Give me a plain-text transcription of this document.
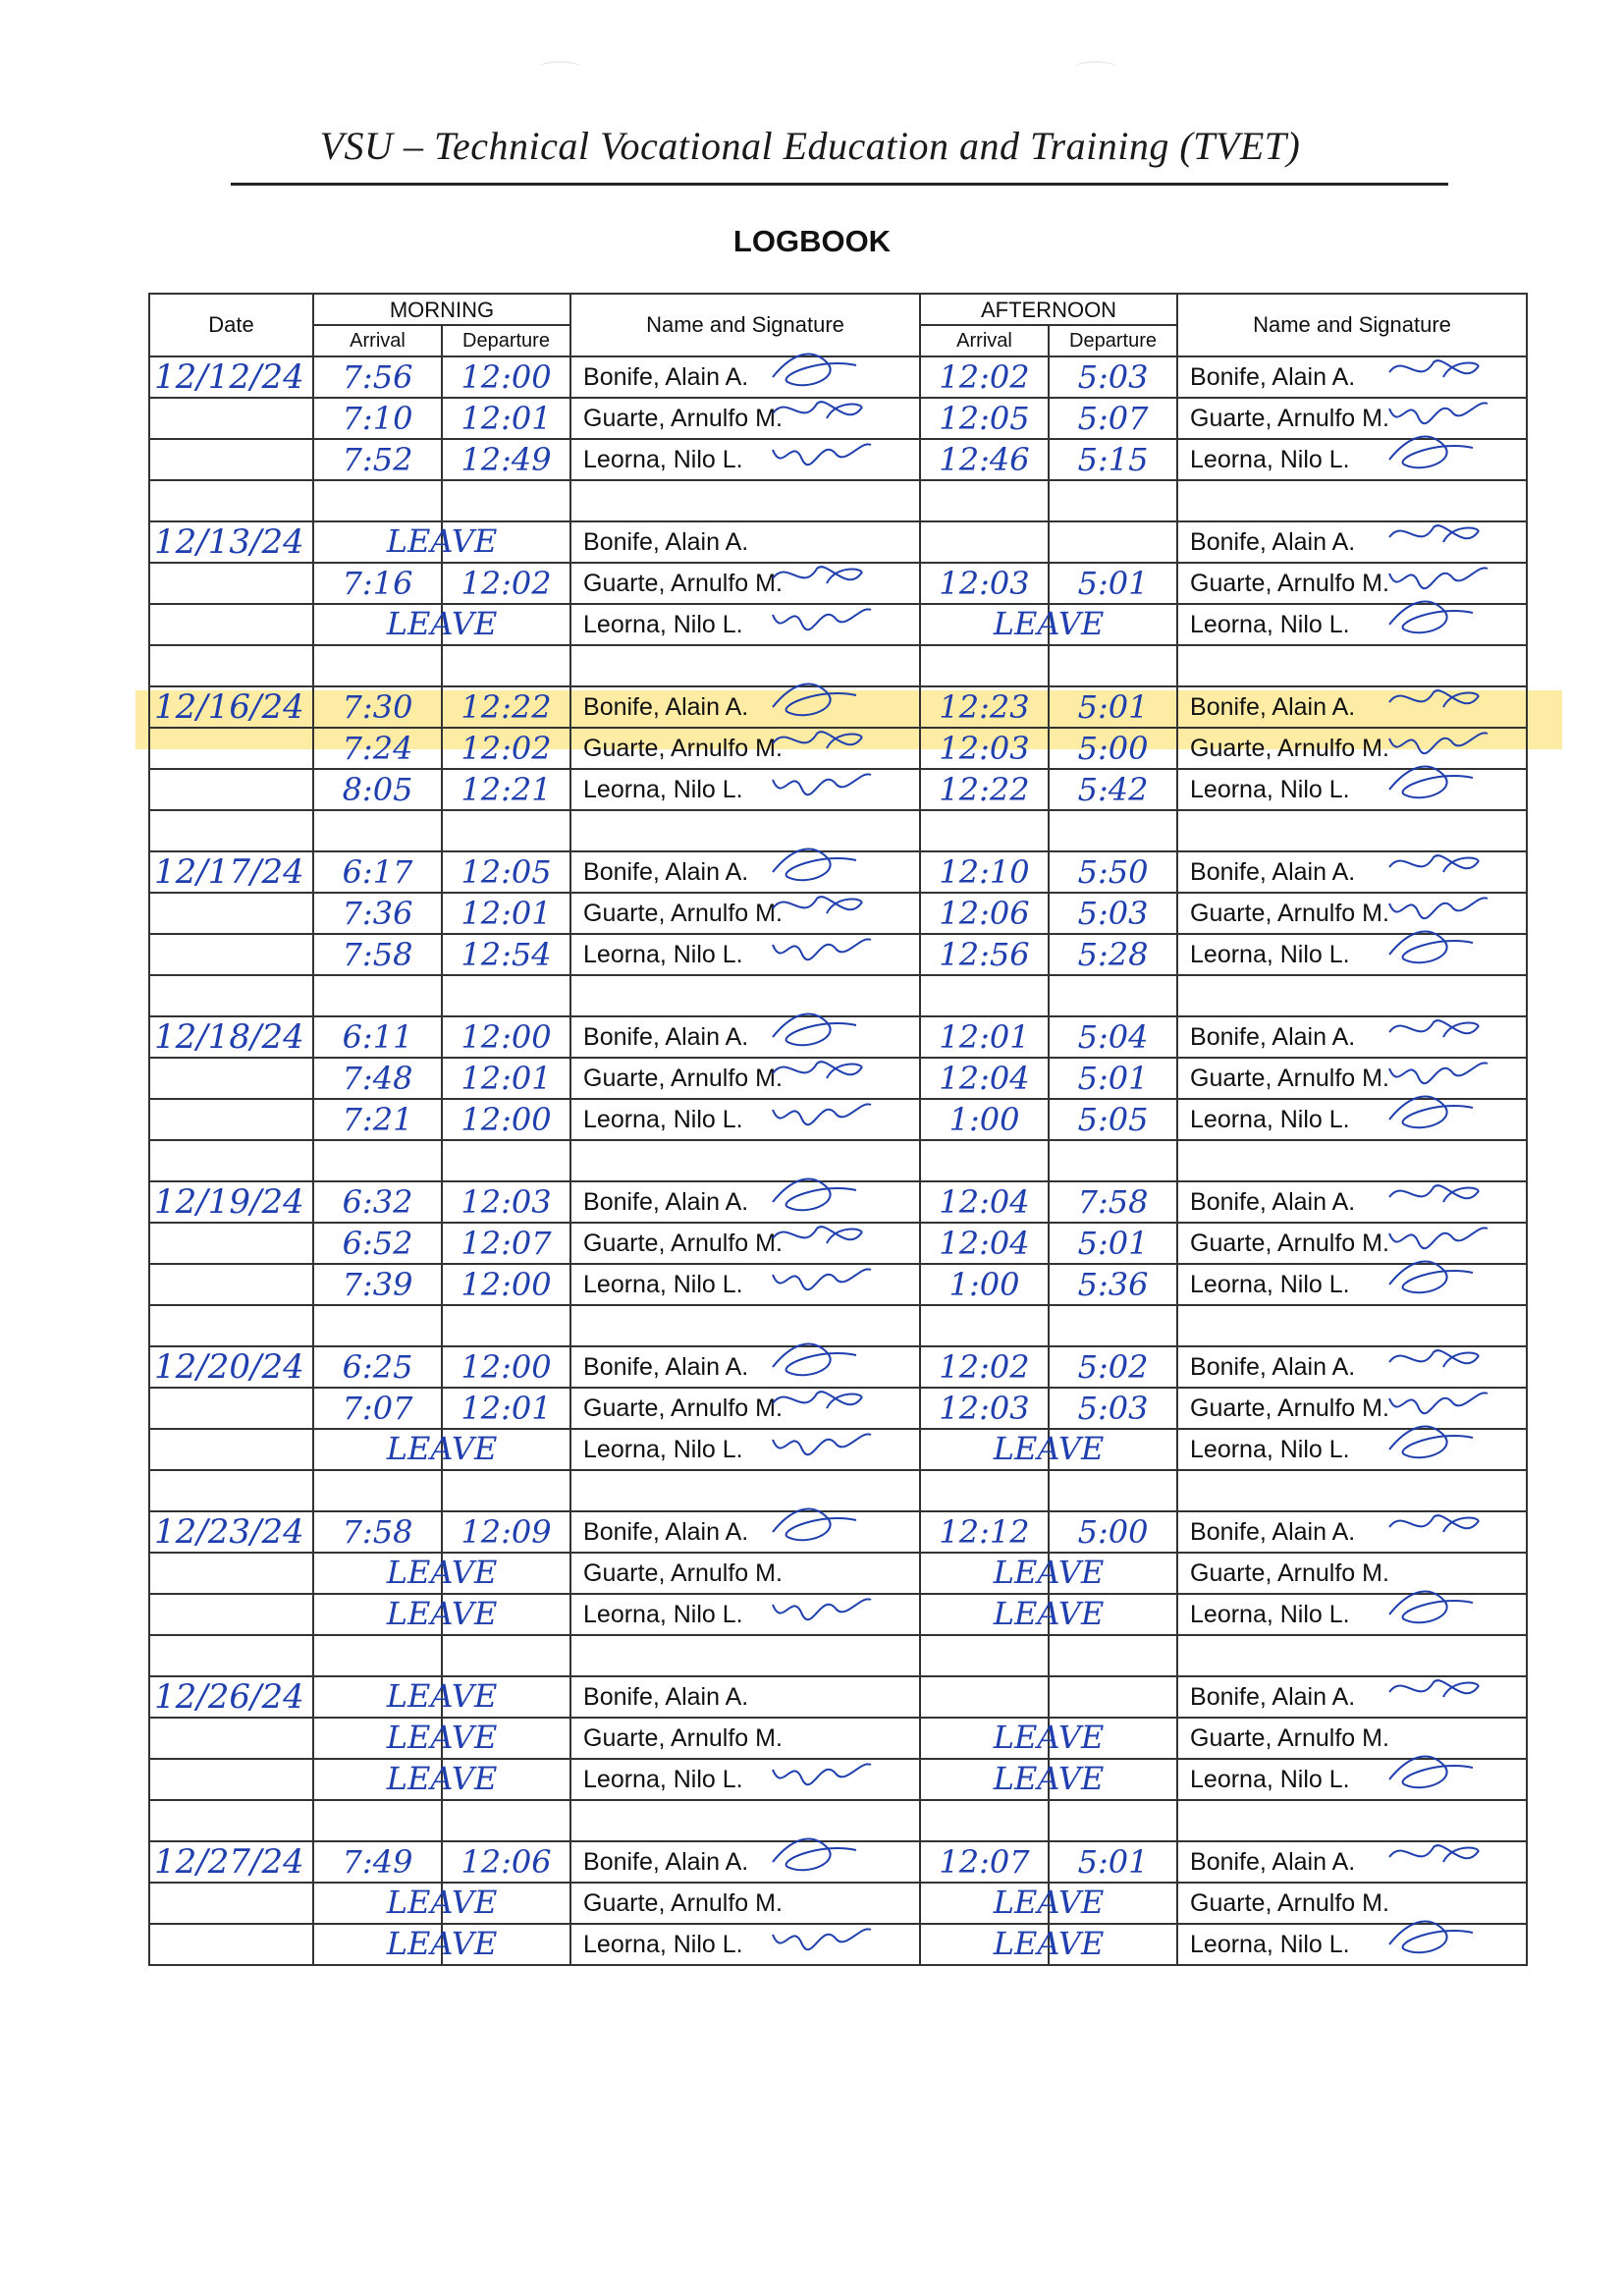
VSU – Technical Vocational Education and Training (TVET)
LOGBOOK
Date	MORNING		Name and Signature	AFTERNOON		Name and Signature
	Arrival	Departure		Arrival	Departure	
12/12/24	7:56	12:00	Bonife, Alain A.	12:02	5:03	Bonife, Alain A.

	7:10	12:01	Guarte, Arnulfo M.	12:05	5:07	Guarte, Arnulfo M.

	7:52	12:49	Leorna, Nilo L.	12:46	5:15	Leorna, Nilo L.

12/13/24	LEAVE		Bonife, Alain A.			Bonife, Alain A.

	7:16	12:02	Guarte, Arnulfo M.	12:03	5:01	Guarte, Arnulfo M.

	LEAVE		Leorna, Nilo L.	LEAVE		Leorna, Nilo L.

12/16/24	7:30	12:22	Bonife, Alain A.	12:23	5:01	Bonife, Alain A.

	7:24	12:02	Guarte, Arnulfo M.	12:03	5:00	Guarte, Arnulfo M.

	8:05	12:21	Leorna, Nilo L.	12:22	5:42	Leorna, Nilo L.

12/17/24	6:17	12:05	Bonife, Alain A.	12:10	5:50	Bonife, Alain A.

	7:36	12:01	Guarte, Arnulfo M.	12:06	5:03	Guarte, Arnulfo M.

	7:58	12:54	Leorna, Nilo L.	12:56	5:28	Leorna, Nilo L.

12/18/24	6:11	12:00	Bonife, Alain A.	12:01	5:04	Bonife, Alain A.

	7:48	12:01	Guarte, Arnulfo M.	12:04	5:01	Guarte, Arnulfo M.

	7:21	12:00	Leorna, Nilo L.	1:00	5:05	Leorna, Nilo L.

12/19/24	6:32	12:03	Bonife, Alain A.	12:04	7:58	Bonife, Alain A.

	6:52	12:07	Guarte, Arnulfo M.	12:04	5:01	Guarte, Arnulfo M.

	7:39	12:00	Leorna, Nilo L.	1:00	5:36	Leorna, Nilo L.

12/20/24	6:25	12:00	Bonife, Alain A.	12:02	5:02	Bonife, Alain A.

	7:07	12:01	Guarte, Arnulfo M.	12:03	5:03	Guarte, Arnulfo M.

	LEAVE		Leorna, Nilo L.	LEAVE		Leorna, Nilo L.

12/23/24	7:58	12:09	Bonife, Alain A.	12:12	5:00	Bonife, Alain A.

	LEAVE		Guarte, Arnulfo M.	LEAVE		Guarte, Arnulfo M.

	LEAVE		Leorna, Nilo L.	LEAVE		Leorna, Nilo L.

12/26/24	LEAVE		Bonife, Alain A.			Bonife, Alain A.

	LEAVE		Guarte, Arnulfo M.	LEAVE		Guarte, Arnulfo M.

	LEAVE		Leorna, Nilo L.	LEAVE		Leorna, Nilo L.

12/27/24	7:49	12:06	Bonife, Alain A.	12:07	5:01	Bonife, Alain A.

	LEAVE		Guarte, Arnulfo M.	LEAVE		Guarte, Arnulfo M.

	LEAVE		Leorna, Nilo L.	LEAVE		Leorna, Nilo L.
